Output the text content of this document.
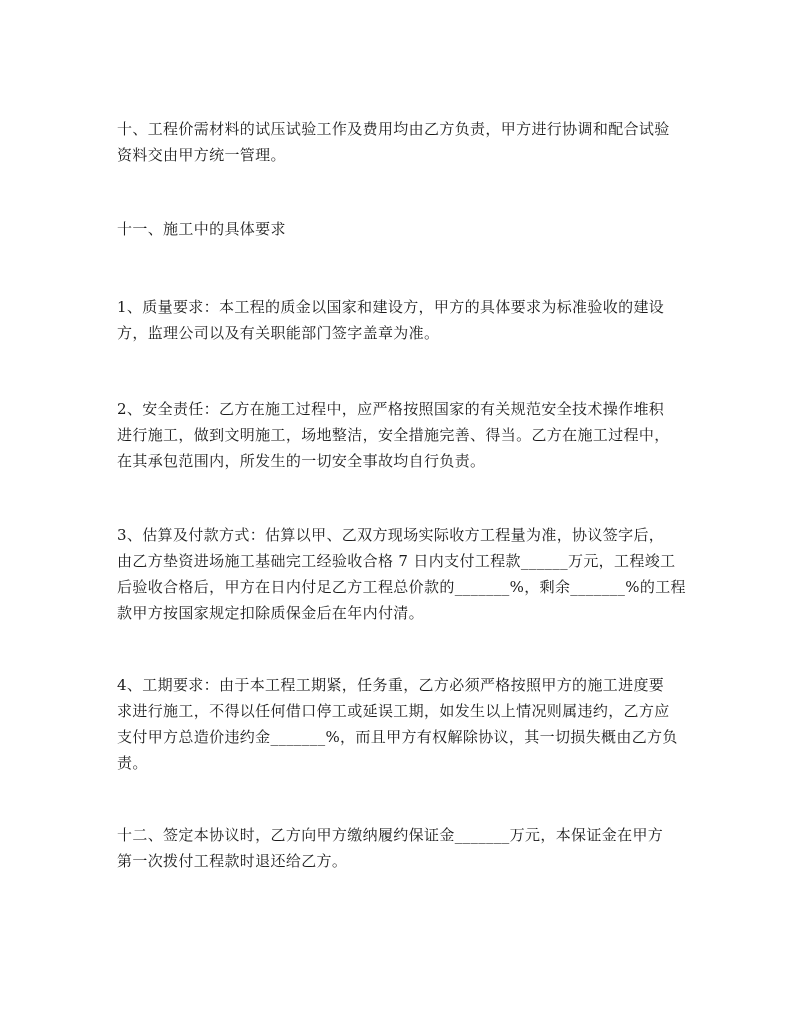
十、工程价需材料的试压试验工作及费用均由乙方负责，甲方进行协调和配合试验
资料交由甲方统一管理。
十一、施工中的具体要求
1、质量要求：本工程的质金以国家和建设方，甲方的具体要求为标准验收的建设
方，监理公司以及有关职能部门签字盖章为准。
2、安全责任：乙方在施工过程中，应严格按照国家的有关规范安全技术操作堆积
进行施工，做到文明施工，场地整洁，安全措施完善、得当。乙方在施工过程中，
在其承包范围内，所发生的一切安全事故均自行负责。
3、估算及付款方式：估算以甲、乙双方现场实际收方工程量为准，协议签字后，
由乙方垫资进场施工基础完工经验收合格 7 日内支付工程款______万元，工程竣工
后验收合格后，甲方在日内付足乙方工程总价款的_______%，剩余_______%的工程
款甲方按国家规定扣除质保金后在年内付清。
4、工期要求：由于本工程工期紧，任务重，乙方必须严格按照甲方的施工进度要
求进行施工，不得以任何借口停工或延误工期，如发生以上情况则属违约，乙方应
支付甲方总造价违约金_______%，而且甲方有权解除协议，其一切损失概由乙方负
责。
十二、签定本协议时，乙方向甲方缴纳履约保证金_______万元，本保证金在甲方
第一次拨付工程款时退还给乙方。
